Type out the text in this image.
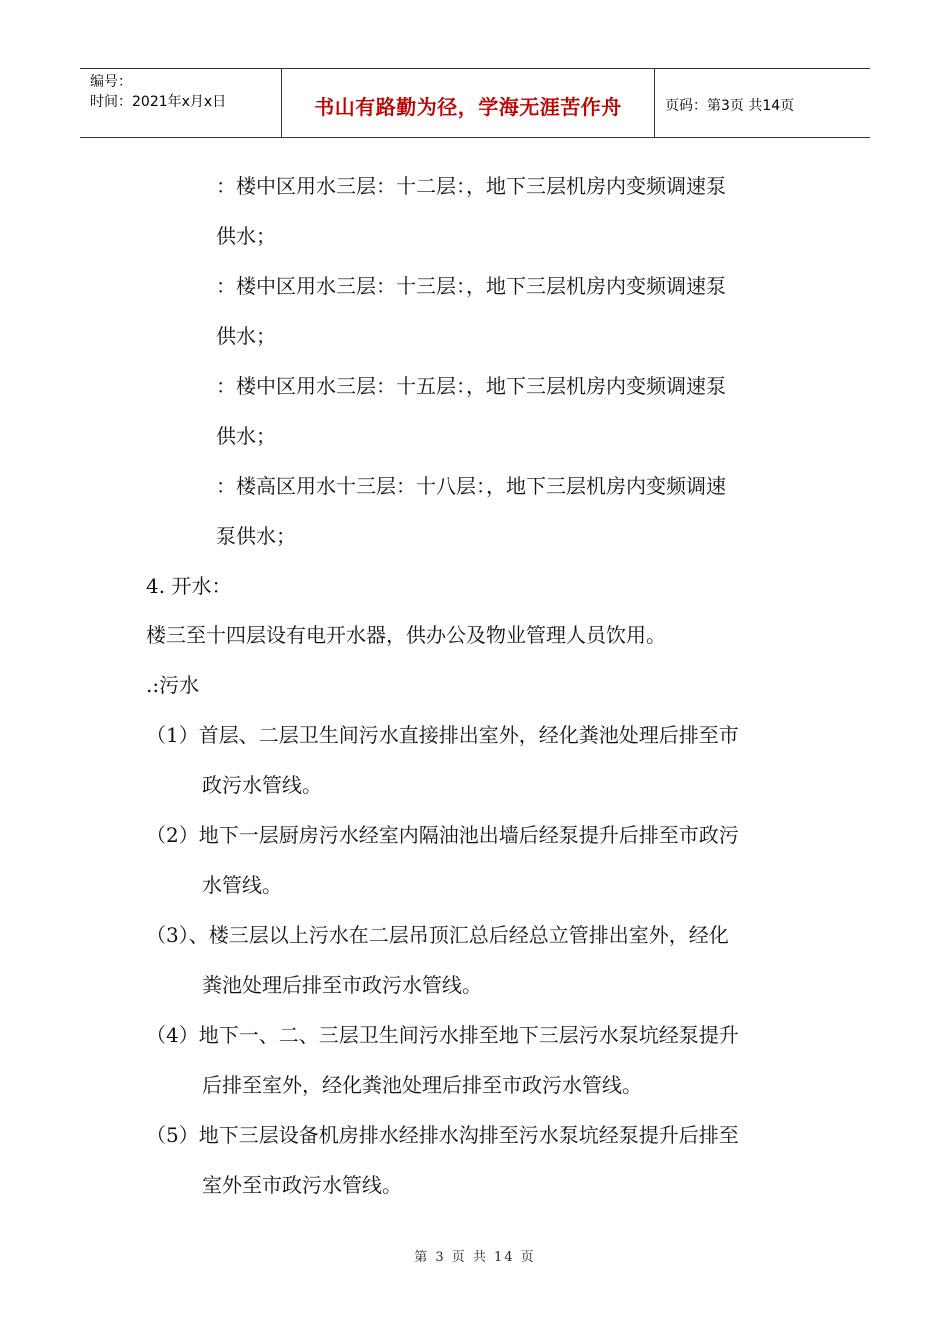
编号：
时间：2021年x月x日	书山有路勤为径，学海无涯苦作舟	页码：第3页 共14页
：楼中区用水三层：十二层：，地下三层机房内变频调速泵
供水；
：楼中区用水三层：十三层：，地下三层机房内变频调速泵
供水；
：楼中区用水三层：十五层：，地下三层机房内变频调速泵
供水；
：楼高区用水十三层：十八层：，地下三层机房内变频调速
泵供水；
4. 开水：
楼三至十四层设有电开水器，供办公及物业管理人员饮用。
.:污水
（1）首层、二层卫生间污水直接排出室外，经化粪池处理后排至市
政污水管线。
（2）地下一层厨房污水经室内隔油池出墙后经泵提升后排至市政污
水管线。
（3）、楼三层以上污水在二层吊顶汇总后经总立管排出室外，经化
粪池处理后排至市政污水管线。
（4）地下一、二、三层卫生间污水排至地下三层污水泵坑经泵提升
后排至室外，经化粪池处理后排至市政污水管线。
（5）地下三层设备机房排水经排水沟排至污水泵坑经泵提升后排至
室外至市政污水管线。
第 3 页 共 14 页
